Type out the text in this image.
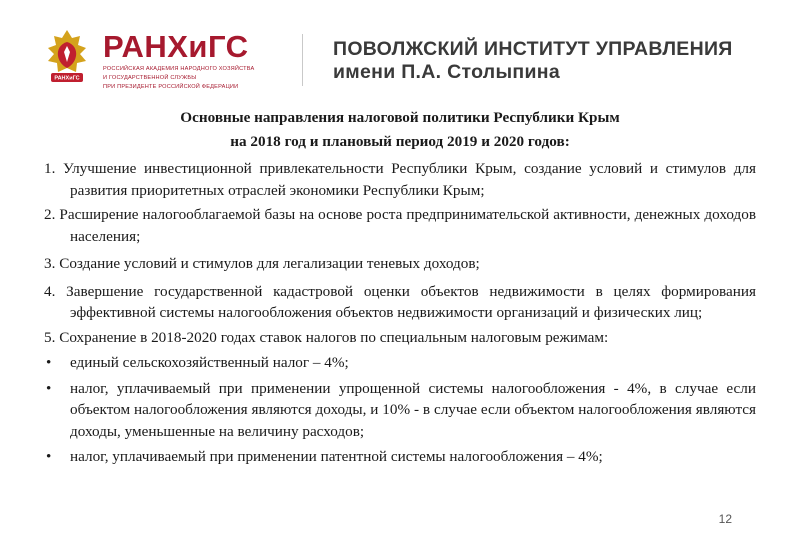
РАНХиГС
РАНХиГС
РОССИЙСКАЯ АКАДЕМИЯ НАРОДНОГО ХОЗЯЙСТВА
И ГОСУДАРСТВЕННОЙ СЛУЖБЫ
ПРИ ПРЕЗИДЕНТЕ РОССИЙСКОЙ ФЕДЕРАЦИИ
ПОВОЛЖСКИЙ ИНСТИТУТ УПРАВЛЕНИЯ
имени П.А. Столыпина
Основные направления налоговой политики Республики Крым
на 2018 год и плановый период 2019 и 2020 годов:
1. Улучшение инвестиционной привлекательности Республики Крым, создание условий и стимулов для развития приоритетных отраслей экономики Республики Крым;
2. Расширение налогооблагаемой базы на основе роста предпринимательской активности, денежных доходов населения;
3. Создание условий и стимулов для легализации теневых доходов;
4. Завершение государственной кадастровой оценки объектов недвижимости в целях формирования эффективной системы налогообложения объектов недвижимости организаций и физических лиц;
5. Сохранение в 2018-2020 годах ставок налогов по специальным налоговым режимам:
•	единый сельскохозяйственный налог – 4%;
•	налог, уплачиваемый при применении упрощенной системы налогообложения - 4%, в случае если объектом налогообложения являются доходы, и 10% - в случае если объектом налогообложения являются доходы, уменьшенные на величину расходов;
•	налог, уплачиваемый при применении патентной системы налогообложения – 4%;
12
